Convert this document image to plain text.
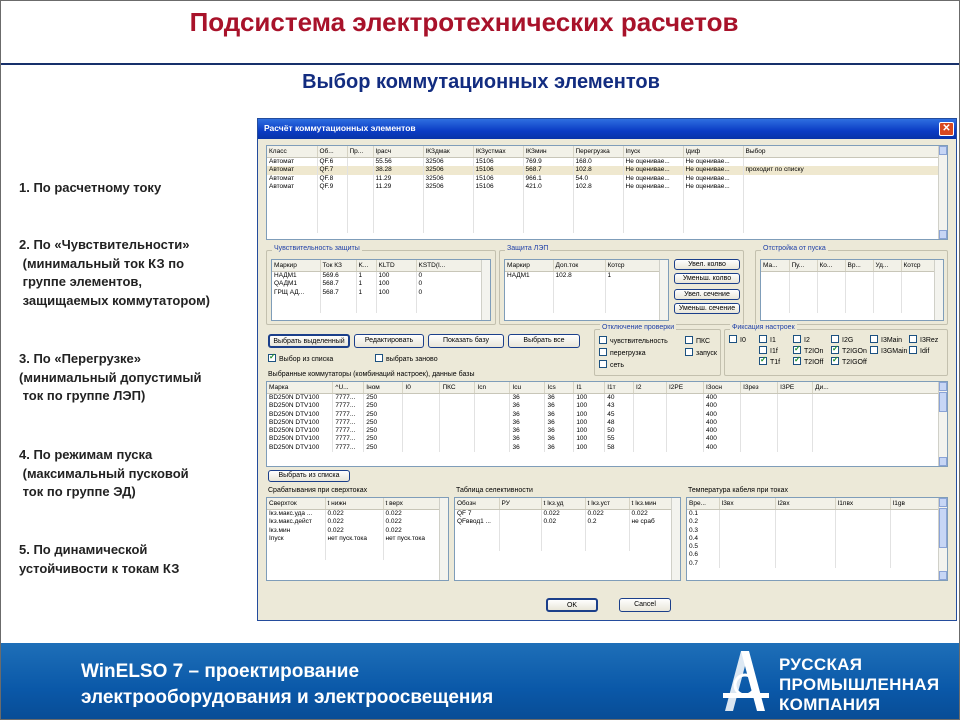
Подсистема электротехнических расчетов
Выбор коммутационных элементов
1. По расчетному току
2. По «Чувствительности»
(минимальный ток КЗ по
группе элементов,
защищаемых коммутатором)
3. По «Перегрузке»
(минимальный допустимый
ток по группе ЛЭП)
4. По режимам пуска
(максимальный пусковой
ток по группе ЭД)
5. По динамической
устойчивости к токам КЗ
Расчёт коммутационных элементов	✕
Класс	Об...	Пр...	Iрасч	IКЗдмак	IКЗустмах	IКЗмин	Перегрузка	Iпуск	Iдиф	Выбор
Автомат	QF.6		55.56	32506	15106	769.9	168.0	Не оцениваe...	Не оцениваe...	
Автомат	QF.7		38.28	32506	15106	568.7	102.8	Не оцениваe...	Не оцениваe...	проходит по списку
Автомат	QF.8		11.29	32506	15106	966.1	54.0	Не оцениваe...	Не оцениваe...	
Автомат	QF.9		11.29	32506	15106	421.0	102.8	Не оцениваe...	Не оцениваe...	

Чувствительность защиты
Маркир	Ток КЗ	K...	KLTD	KSTD(I...
НАДМ1	569.6	1	100	0
QАДМ1	568.7	1	100	0
ГРЩ АД...	568.7	1	100	0

Защита ЛЭП
Маркир	Доп.ток	Котср
НАДМ1	102.8	1

Увел. колво
Уменьш. колво
Увел. сечение
Уменьш. сечение
Отстройка от пуска
Ма...	Пу...	Ко...	Вр...	Уд...	Котср

Выбрать выделенный	Редактировать	Показать базу	Выбрать все
✓Выбор из списка	выбрать заново
Отключение проверки
чувствительность	ПКС
перегрузка	запуск
сеть
Фиксация настроек
I0	I1	I2	I2G	I3Main	I3Rez
I1f ✓	T2IOn ✓	T2IGOn	I3GMain	Idif
✓T1f ✓	T2IOff ✓	T2IGOff
Выбранные коммутаторы (комбинаций настроек), данные базы
Марка	^U...	Iном	I0	ПКС	Icn	Icu	Ics	I1	I1т	I2	I2PE	I3осн	I3рез	I3PE	Ди...
BD250N DTV100	7777...	250				36	36	100	40			400			
BD250N DTV100	7777...	250				36	36	100	43			400			
BD250N DTV100	7777...	250				36	36	100	45			400			
BD250N DTV100	7777...	250				36	36	100	48			400			
BD250N DTV100	7777...	250				36	36	100	50			400			
BD250N DTV100	7777...	250				36	36	100	55			400			
BD250N DTV100	7777...	250				36	36	100	58			400			
Выбрать из списка
Срабатывания при сверхтоках
Сверхток	t нижн	t верх
Iкз.макс.уда ...	0.022	0.022
Iкз.макс.дейст	0.022	0.022
Iкз.мин	0.022	0.022
Iпуск	нет пуск.тока	нет пуск.тока

Таблица селективности
Обозн	РУ	t Iкз.уд	t Iкз.уст	t Iкз.мин
QF 7		0.022	0.022	0.022
QFввод1 ...		0.02	0.2	не сраб

Температура кабеля при токах
Вре...	I3вх	I2вх	I1пвх	I1gв
0.1				
0.2				
0.3				
0.4				
0.5				
0.6				
0.7				
OK	Cancel
WinELSO 7 – проектирование
электрооборудования и электроосвещения
РУССКАЯ
ПРОМЫШЛЕННАЯ
КОМПАНИЯ
